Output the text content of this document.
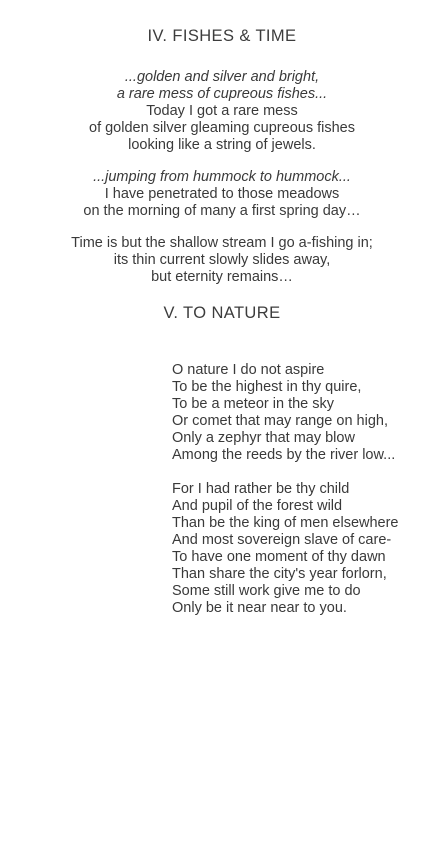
IV. FISHES & TIME
...golden and silver and bright,
a rare mess of cupreous fishes...
Today I got a rare mess
of golden silver gleaming cupreous fishes
looking like a string of jewels.
...jumping from hummock to hummock...
I have penetrated to those meadows
on the morning of many a first spring day…
Time is but the shallow stream I go a-fishing in;
its thin current slowly slides away,
but eternity remains…
V. TO NATURE
O nature I do not aspire
To be the highest in thy quire,
To be a meteor in the sky
Or comet that may range on high,
Only a zephyr that may blow
Among the reeds by the river low...
For I had rather be thy child
And pupil of the forest wild
Than be the king of men elsewhere
And most sovereign slave of care-
To have one moment of thy dawn
Than share the city's year forlorn,
Some still work give me to do
Only be it near near to you.
